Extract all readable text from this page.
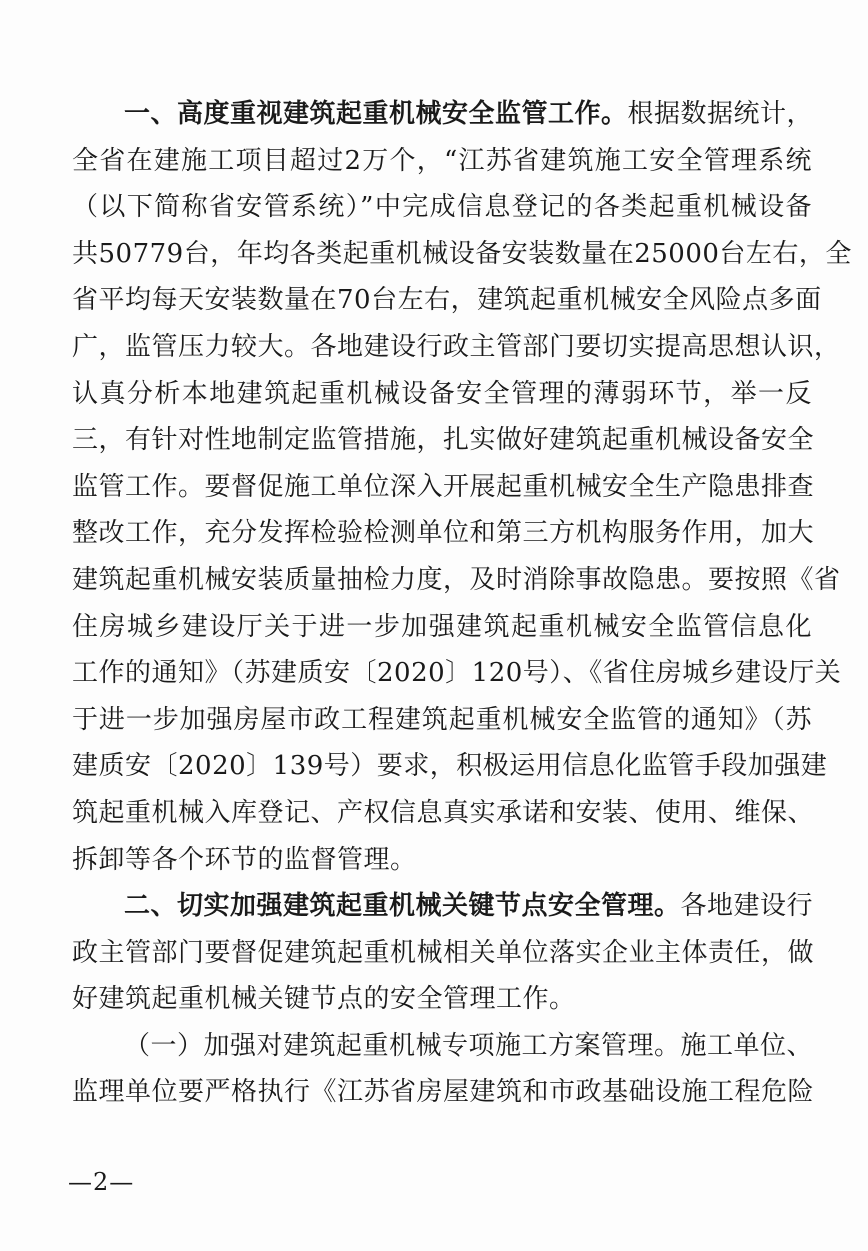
一、高度重视建筑起重机械安全监管工作。根据数据统计，
全省在建施工项目超过2万个，“江苏省建筑施工安全管理系统
（以下简称省安管系统）”中完成信息登记的各类起重机械设备
共50779台，年均各类起重机械设备安装数量在25000台左右，全
省平均每天安装数量在70台左右，建筑起重机械安全风险点多面
广，监管压力较大。各地建设行政主管部门要切实提高思想认识，
认真分析本地建筑起重机械设备安全管理的薄弱环节，举一反
三，有针对性地制定监管措施，扎实做好建筑起重机械设备安全
监管工作。要督促施工单位深入开展起重机械安全生产隐患排查
整改工作，充分发挥检验检测单位和第三方机构服务作用，加大
建筑起重机械安装质量抽检力度，及时消除事故隐患。要按照《省
住房城乡建设厅关于进一步加强建筑起重机械安全监管信息化
工作的通知》（苏建质安〔2020〕120号）、《省住房城乡建设厅关
于进一步加强房屋市政工程建筑起重机械安全监管的通知》（苏
建质安〔2020〕139号）要求，积极运用信息化监管手段加强建
筑起重机械入库登记、产权信息真实承诺和安装、使用、维保、
拆卸等各个环节的监督管理。
二、切实加强建筑起重机械关键节点安全管理。各地建设行
政主管部门要督促建筑起重机械相关单位落实企业主体责任，做
好建筑起重机械关键节点的安全管理工作。
（一）加强对建筑起重机械专项施工方案管理。施工单位、
监理单位要严格执行《江苏省房屋建筑和市政基础设施工程危险
—2—
